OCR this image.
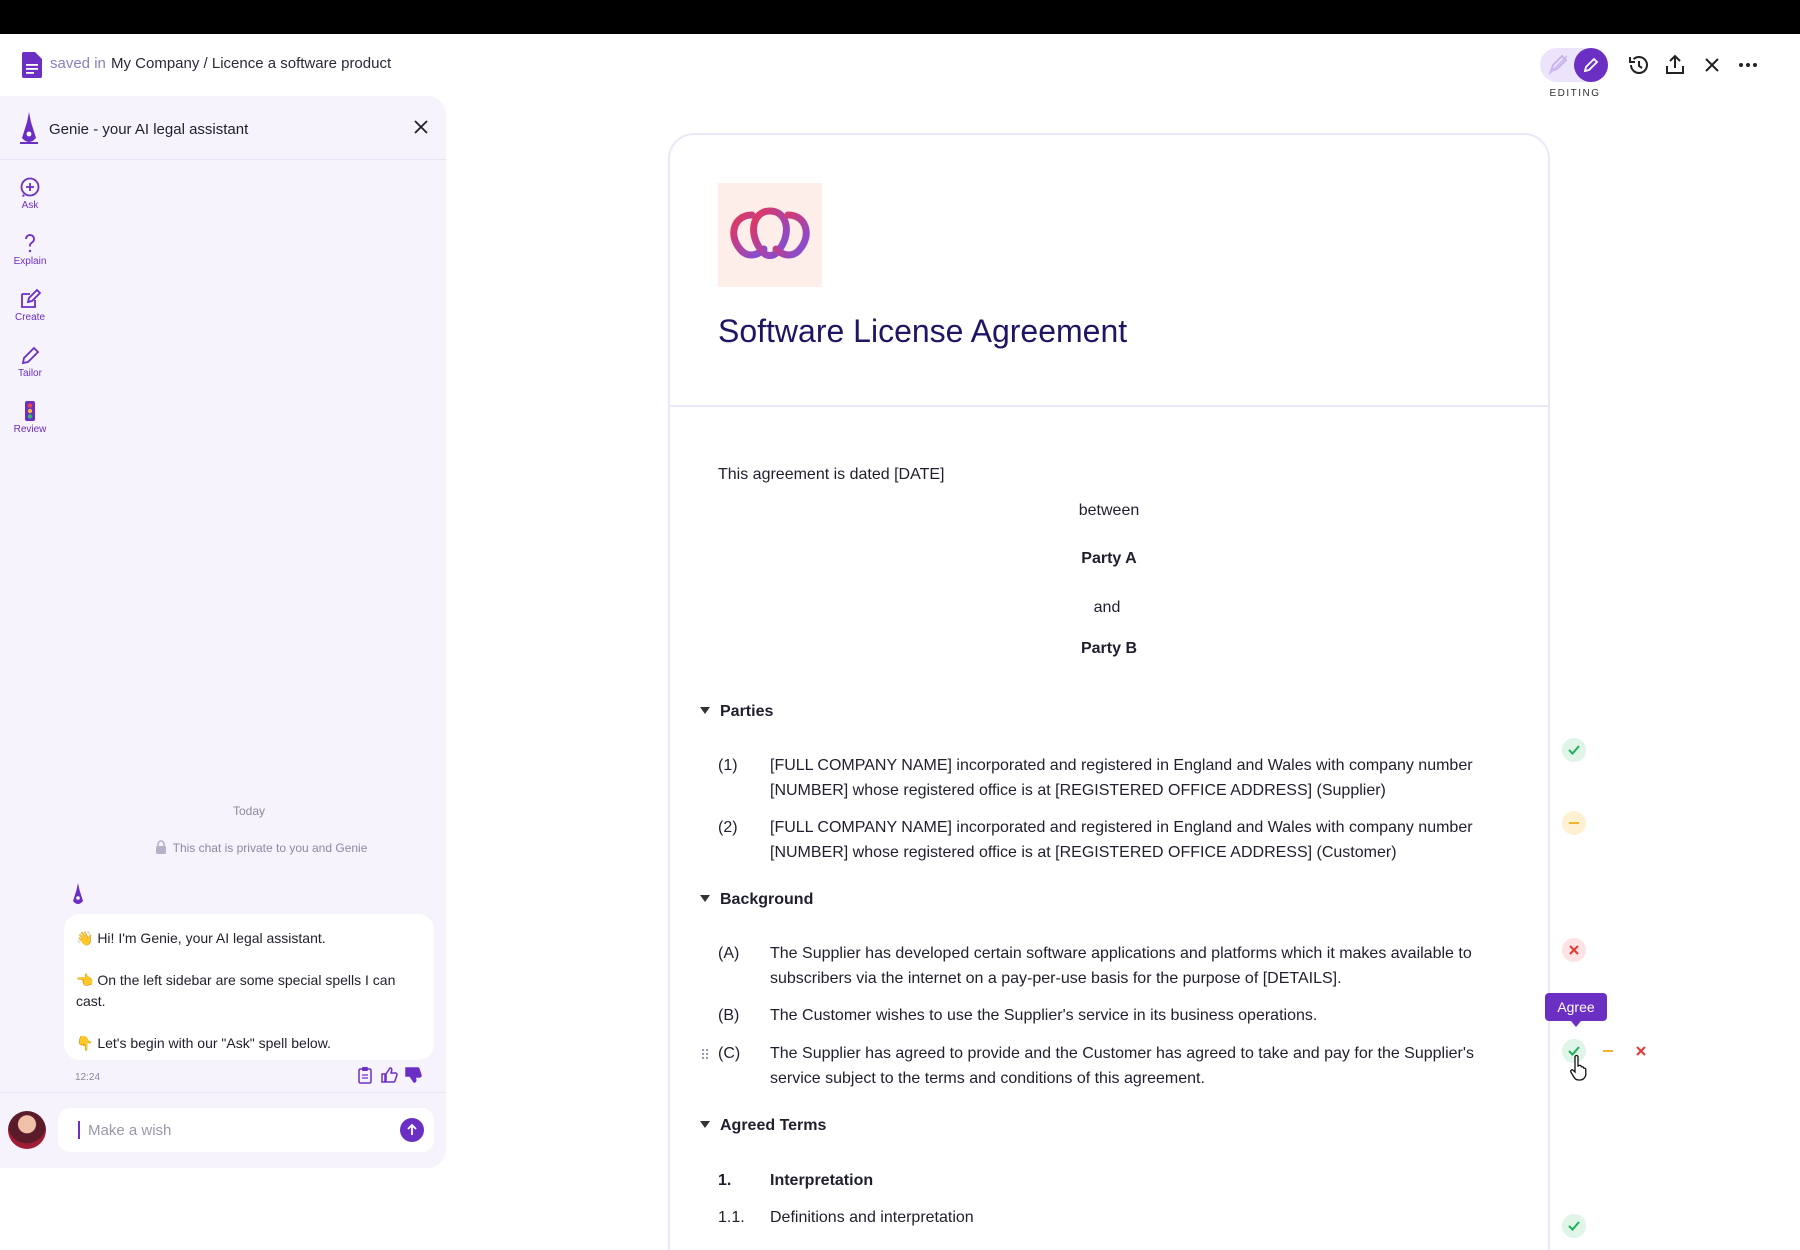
saved in My Company / Licence a software product
EDITING
Genie - your AI legal assistant
Ask
Explain
Create
Tailor
Review
Today
This chat is private to you and Genie

👋 Hi! I'm Genie, your AI legal assistant.

👈 On the left sidebar are some special spells I can cast.

👇 Let's begin with our "Ask" spell below.

12:24
Make a wish
Software License Agreement
This agreement is dated [DATE]
between
Party A
and
Party B
Parties
(1)	[FULL COMPANY NAME] incorporated and registered in England and Wales with company number [NUMBER] whose registered office is at [REGISTERED OFFICE ADDRESS] (Supplier)
(2)	[FULL COMPANY NAME] incorporated and registered in England and Wales with company number [NUMBER] whose registered office is at [REGISTERED OFFICE ADDRESS] (Customer)
Background
(A)	The Supplier has developed certain software applications and platforms which it makes available to subscribers via the internet on a pay-per-use basis for the purpose of [DETAILS].
(B)	The Customer wishes to use the Supplier's service in its business operations.
⠿ (C)	The Supplier has agreed to provide and the Customer has agreed to take and pay for the Supplier's service subject to the terms and conditions of this agreement.
Agreed Terms
1.	Interpretation
1.1.	Definitions and interpretation
Agree
